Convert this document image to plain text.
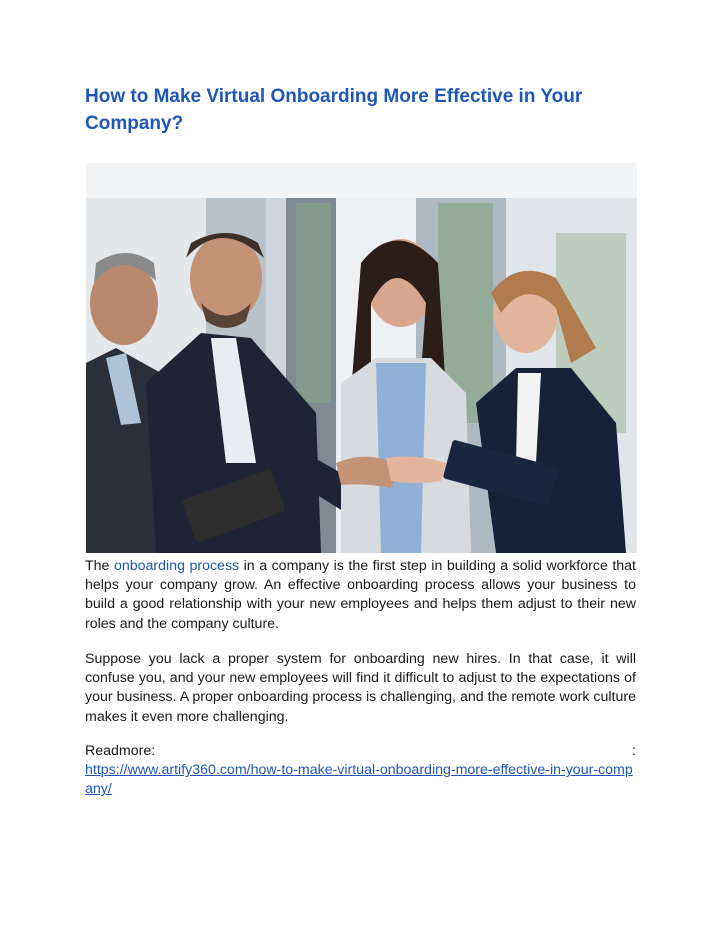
How to Make Virtual Onboarding More Effective in Your Company?

The onboarding process in a company is the first step in building a solid workforce that helps your company grow. An effective onboarding process allows your business to build a good relationship with your new employees and helps them adjust to their new roles and the company culture.

Suppose you lack a proper system for onboarding new hires. In that case, it will confuse you, and your new employees will find it difficult to adjust to the expectations of your business. A proper onboarding process is challenging, and the remote work culture makes it even more challenging.

Readmore:	:
https://www.artify360.com/how-to-make-virtual-onboarding-more-effective-in-your-company/
